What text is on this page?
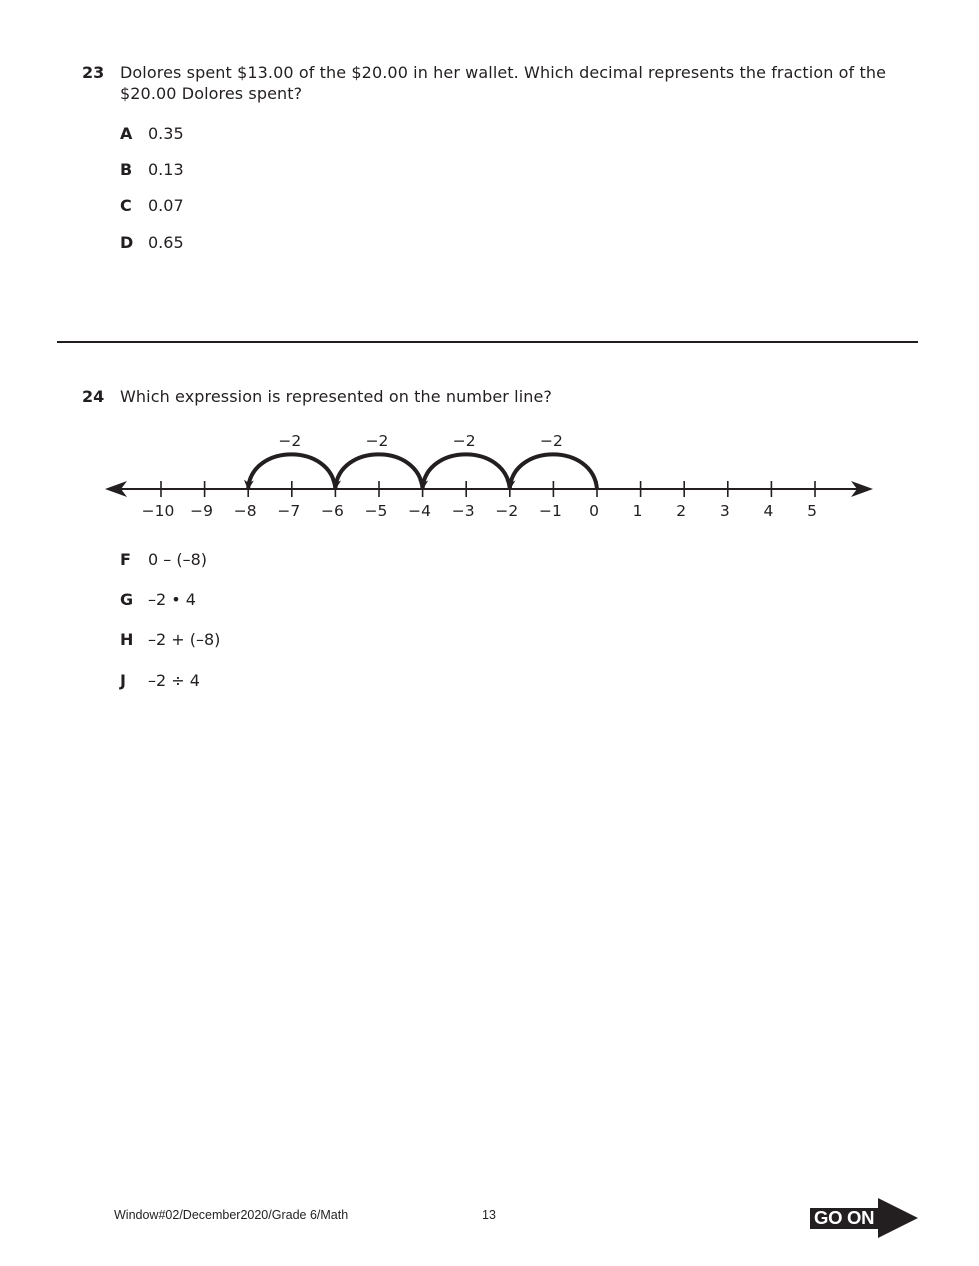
23 Dolores spent $13.00 of the $20.00 in her wallet. Which decimal represents the fraction of the $20.00 Dolores spent?
A 0.35
B 0.13
C 0.07
D 0.65
24 Which expression is represented on the number line?
−10 −9 −8 −7 −6 −5 −4 −3 −2 −1 0 1 2 3 4 5
−2
−2
−2
−2
F 0 – (–8)
G –2 • 4
H –2 + (–8)
J –2 ÷ 4
Window#02/December2020/Grade 6/Math	13	GO ON
